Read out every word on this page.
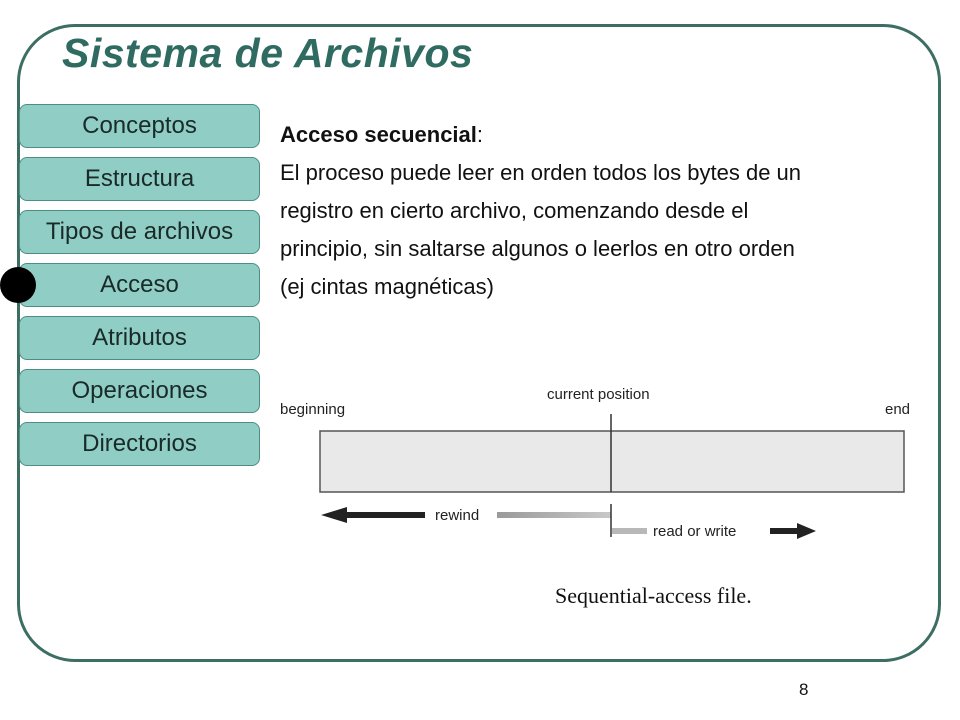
Sistema de Archivos
Conceptos
Estructura
Tipos de archivos
Acceso
Atributos
Operaciones
Directorios
Acceso secuencial:
El proceso puede leer en orden todos los bytes de un
registro en cierto archivo, comenzando desde el
principio, sin saltarse algunos o leerlos en otro orden
(ej cintas magnéticas)
beginning
current position
end
rewind
read or write
Sequential-access file.
8
